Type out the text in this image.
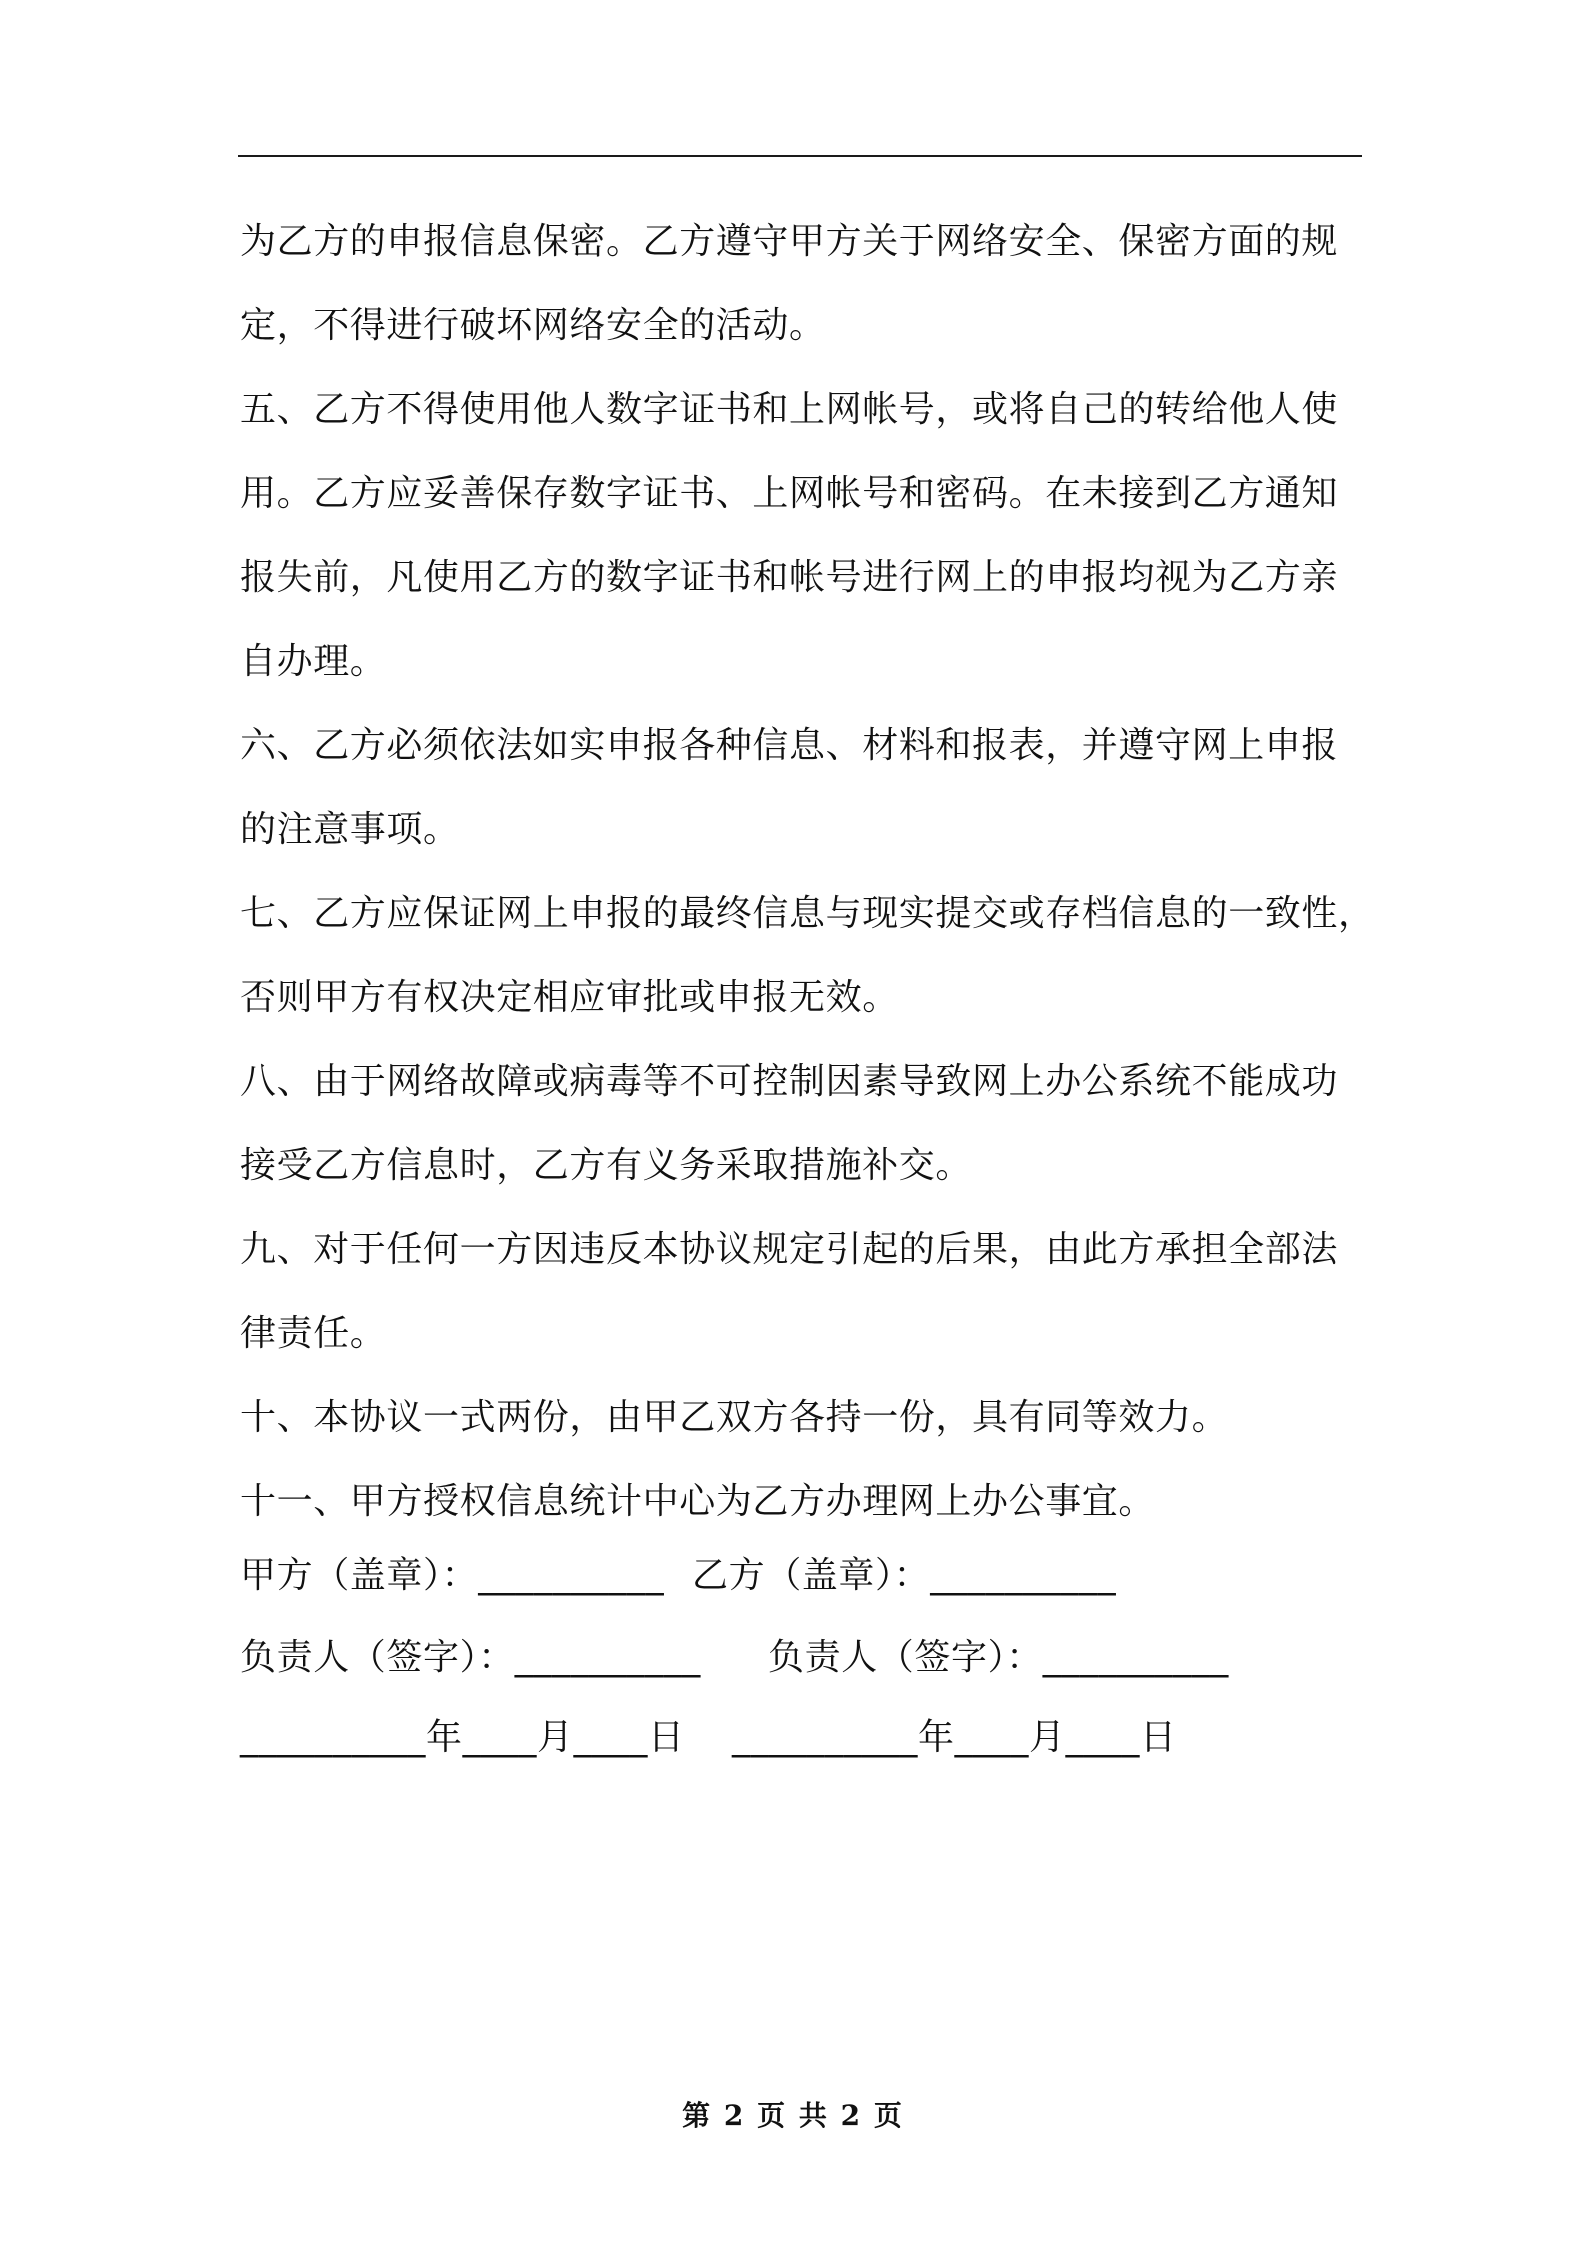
为乙方的申报信息保密。乙方遵守甲方关于网络安全、保密方面的规
定，不得进行破坏网络安全的活动。
五、乙方不得使用他人数字证书和上网帐号，或将自己的转给他人使
用。乙方应妥善保存数字证书、上网帐号和密码。在未接到乙方通知
报失前，凡使用乙方的数字证书和帐号进行网上的申报均视为乙方亲
自办理。
六、乙方必须依法如实申报各种信息、材料和报表，并遵守网上申报
的注意事项。
七、乙方应保证网上申报的最终信息与现实提交或存档信息的一致性，
否则甲方有权决定相应审批或申报无效。
八、由于网络故障或病毒等不可控制因素导致网上办公系统不能成功
接受乙方信息时，乙方有义务采取措施补交。
九、对于任何一方因违反本协议规定引起的后果，由此方承担全部法
律责任。
十、本协议一式两份，由甲乙双方各持一份，具有同等效力。
十一、甲方授权信息统计中心为乙方办理网上办公事宜。
甲方（盖章）：__________ 乙方（盖章）：__________
负责人（签字）：__________ 负责人（签字）：__________
__________年____月____日 __________年____月____日
第 2 页 共 2 页
